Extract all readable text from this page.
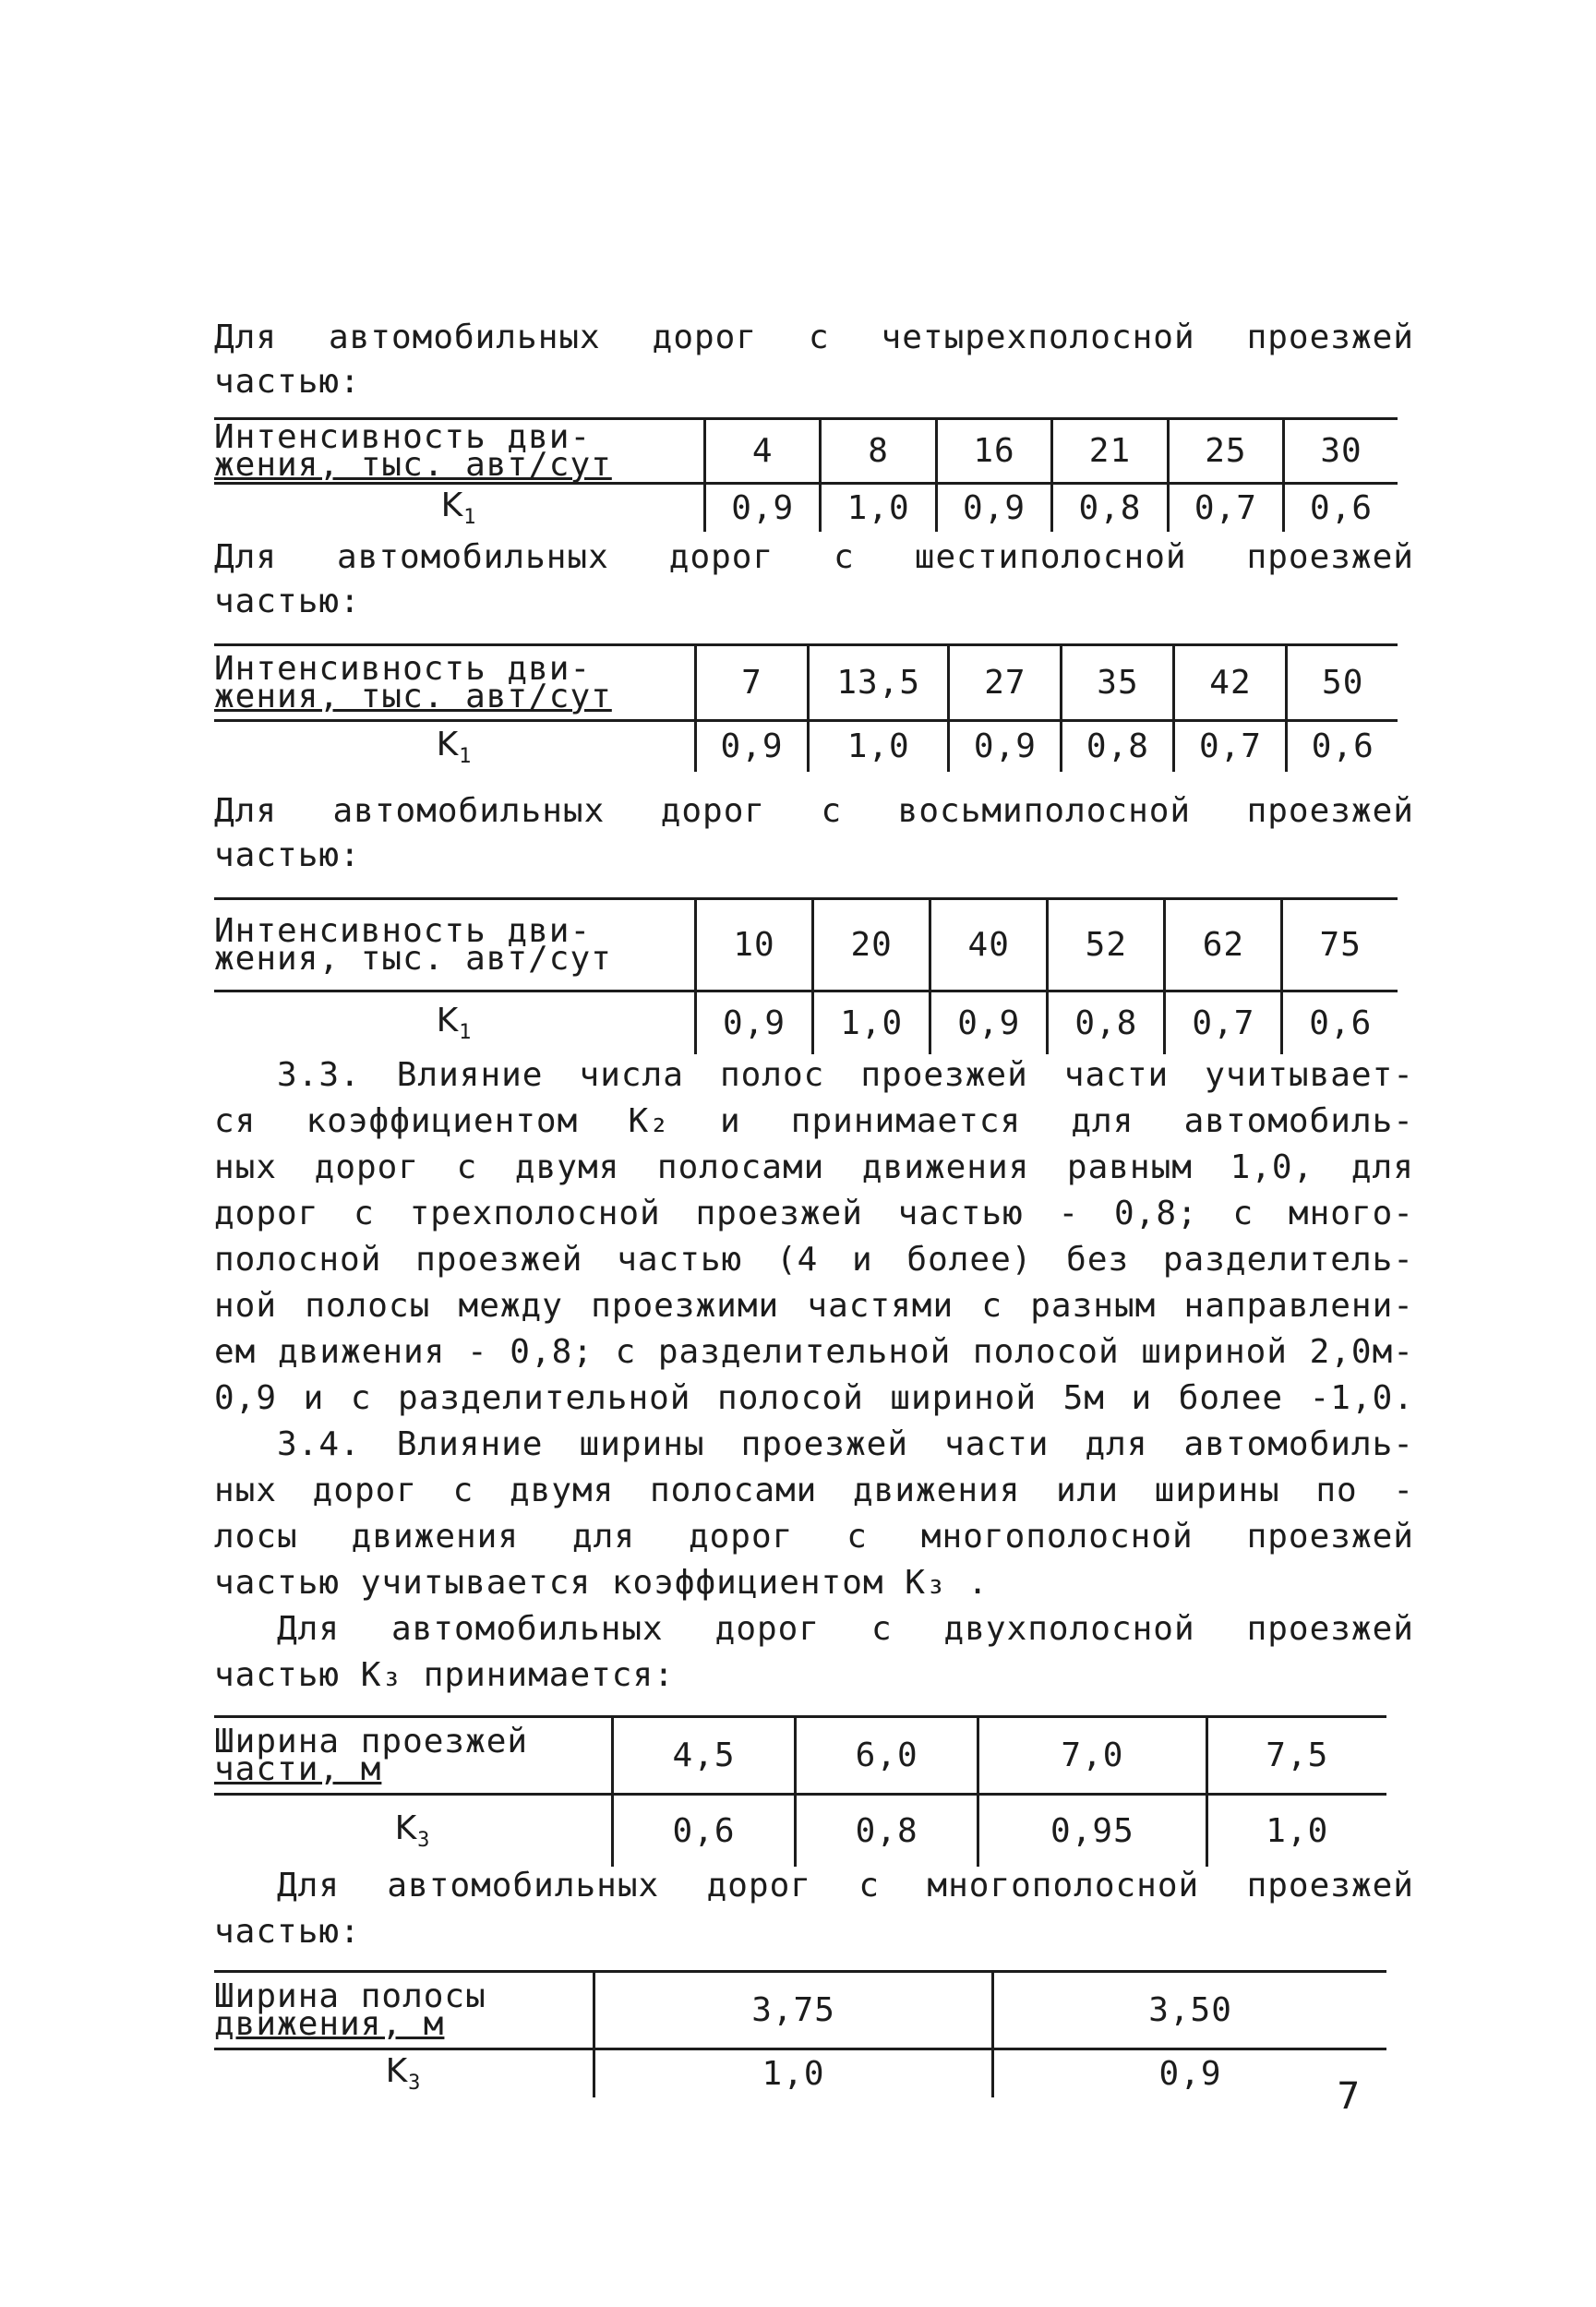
Для автомобильных дорог с четырехполосной проезжей
частью:
Интенсивность дви-
жения, тыс. авт/сут	4	8	16	21	25	30
$K_1$	0,9	1,0	0,9	0,8	0,7	0,6
Для автомобильных дорог с шестиполосной проезжей
частью:
Интенсивность дви-
жения, тыс. авт/сут	7	13,5	27	35	42	50
$K_1$	0,9	1,0	0,9	0,8	0,7	0,6
Для автомобильных дорог с восьмиполосной проезжей
частью:
Интенсивность дви-
жения, тыс. авт/сут	10	20	40	52	62	75
$K_1$	0,9	1,0	0,9	0,8	0,7	0,6
3.3. Влияние числа полос проезжей части учитывает-
ся коэффициентом K₂ и принимается для автомобиль-
ных дорог с двумя полосами движения равным 1,0, для
дорог с трехполосной проезжей частью - 0,8; с много-
полосной проезжей частью (4 и более) без разделитель-
ной полосы между проезжими частями с разным направлени-
ем движения - 0,8; с разделительной полосой шириной 2,0м-
0,9 и с разделительной полосой шириной 5м и более -1,0.
3.4. Влияние ширины проезжей части для автомобиль-
ных дорог с двумя полосами движения или ширины по -
лосы движения для дорог с многополосной проезжей
частью учитывается коэффициентом K₃ .
Для автомобильных дорог с двухполосной проезжей
частью K₃ принимается:
Ширина проезжей
части, м	4,5	6,0	7,0	7,5
$K_3$	0,6	0,8	0,95	1,0
Для автомобильных дорог с многополосной проезжей
частью:
Ширина полосы
движения, м	3,75	3,50
$K_3$	1,0	0,9
7
